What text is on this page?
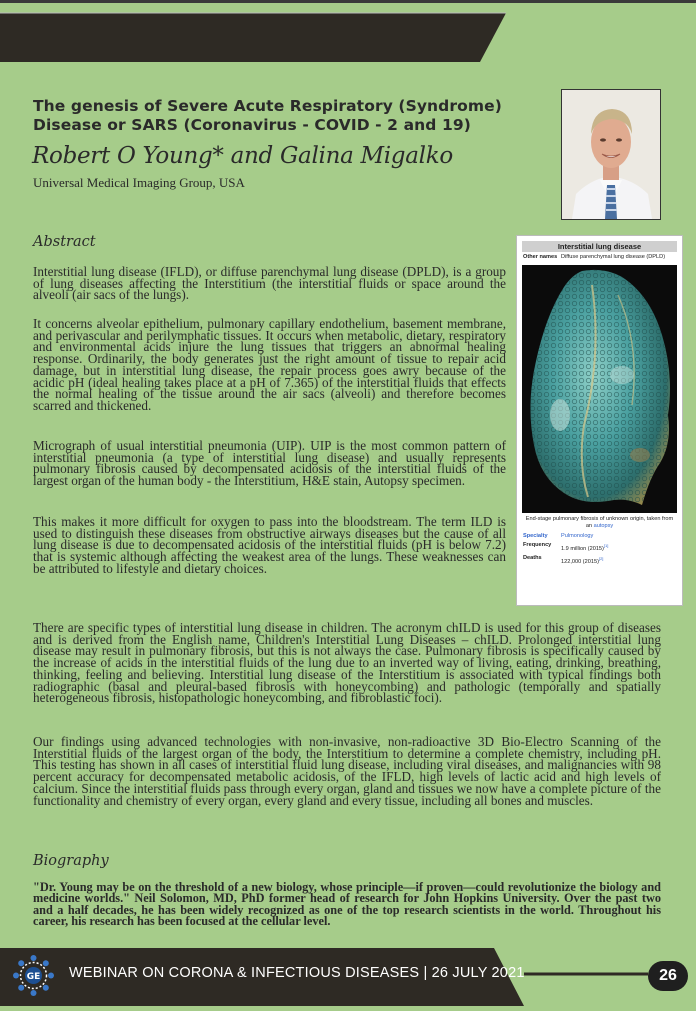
The genesis of Severe Acute Respiratory (Syndrome) Disease or SARS (Coronavirus - COVID - 2 and 19)
Robert O Young* and Galina Migalko
Universal Medical Imaging Group, USA
Abstract
Interstitial lung disease (IFLD), or diffuse parenchymal lung disease (DPLD), is a group of lung diseases affecting the Interstitium (the interstitial fluids or space around the alveoli (air sacs of the lungs).
It concerns alveolar epithelium, pulmonary capillary endothelium, basement membrane, and perivascular and perilymphatic tissues. It occurs when metabolic, dietary, respiratory and environmental acids injure the lung tissues that triggers an abnormal healing response. Ordinarily, the body generates just the right amount of tissue to repair acid damage, but in interstitial lung disease, the repair process goes awry because of the acidic pH (ideal healing takes place at a pH of 7.365) of the interstitial fluids that effects the normal healing of the tissue around the air sacs (alveoli) and therefore becomes scarred and thickened.
Micrograph of usual interstitial pneumonia (UIP). UIP is the most common pattern of interstitial pneumonia (a type of interstitial lung disease) and usually represents pulmonary fibrosis caused by decompensated acidosis of the interstitial fluids of the largest organ of the human body - the Interstitium, H&E stain, Autopsy specimen.
This makes it more difficult for oxygen to pass into the bloodstream. The term ILD is used to distinguish these diseases from obstructive airways diseases but the cause of all lung disease is due to decompensated acidosis of the interstitial fluids (pH is below 7.2) that is systemic although affecting the weakest area of the lungs. These weaknesses can be attributed to lifestyle and dietary choices.
There are specific types of interstitial lung disease in children. The acronym chILD is used for this group of diseases and is derived from the English name, Children's Interstitial Lung Diseases – chILD. Prolonged interstitial lung disease may result in pulmonary fibrosis, but this is not always the case. Pulmonary fibrosis is specifically caused by the increase of acids in the interstitial fluids of the lung due to an inverted way of living, eating, drinking, breathing, thinking, feeling and believing. Interstitial lung disease of the Interstitium is associated with typical findings both radiographic (basal and pleural-based fibrosis with honeycombing) and pathologic (temporally and spatially heterogeneous fibrosis, histopathologic honeycombing, and fibroblastic foci).
Our findings using advanced technologies with non-invasive, non-radioactive 3D Bio-Electro Scanning of the Interstitial fluids of the largest organ of the body, the Interstitium to determine a complete chemistry, including pH. This testing has shown in all cases of interstitial fluid lung disease, including viral diseases, and malignancies with 98 percent accuracy for decompensated metabolic acidosis, of the IFLD, high levels of lactic acid and high levels of calcium. Since the interstitial fluids pass through every organ, gland and tissues we now have a complete picture of the functionality and chemistry of every organ, every gland and every tissue, including all bones and muscles.
Interstitial lung disease
Other names Diffuse parenchymal lung disease (DPLD)
End-stage pulmonary fibrosis of unknown origin, taken from an autopsy
Specialty	Pulmonology
Frequency
1.9 million (2015)[1]
Deaths
122,000 (2015)[2]
Biography
"Dr. Young may be on the threshold of a new biology, whose principle—if proven—could revolutionize the biology and medicine worlds." Neil Solomon, MD, PhD former head of research for John Hopkins University. Over the past two and a half decades, he has been widely recognized as one of the top research scientists in the world. Throughout his career, his research has been focused at the cellular level.
GE WEBINAR ON CORONA & INFECTIOUS DISEASES | 26 JULY 2021	26
